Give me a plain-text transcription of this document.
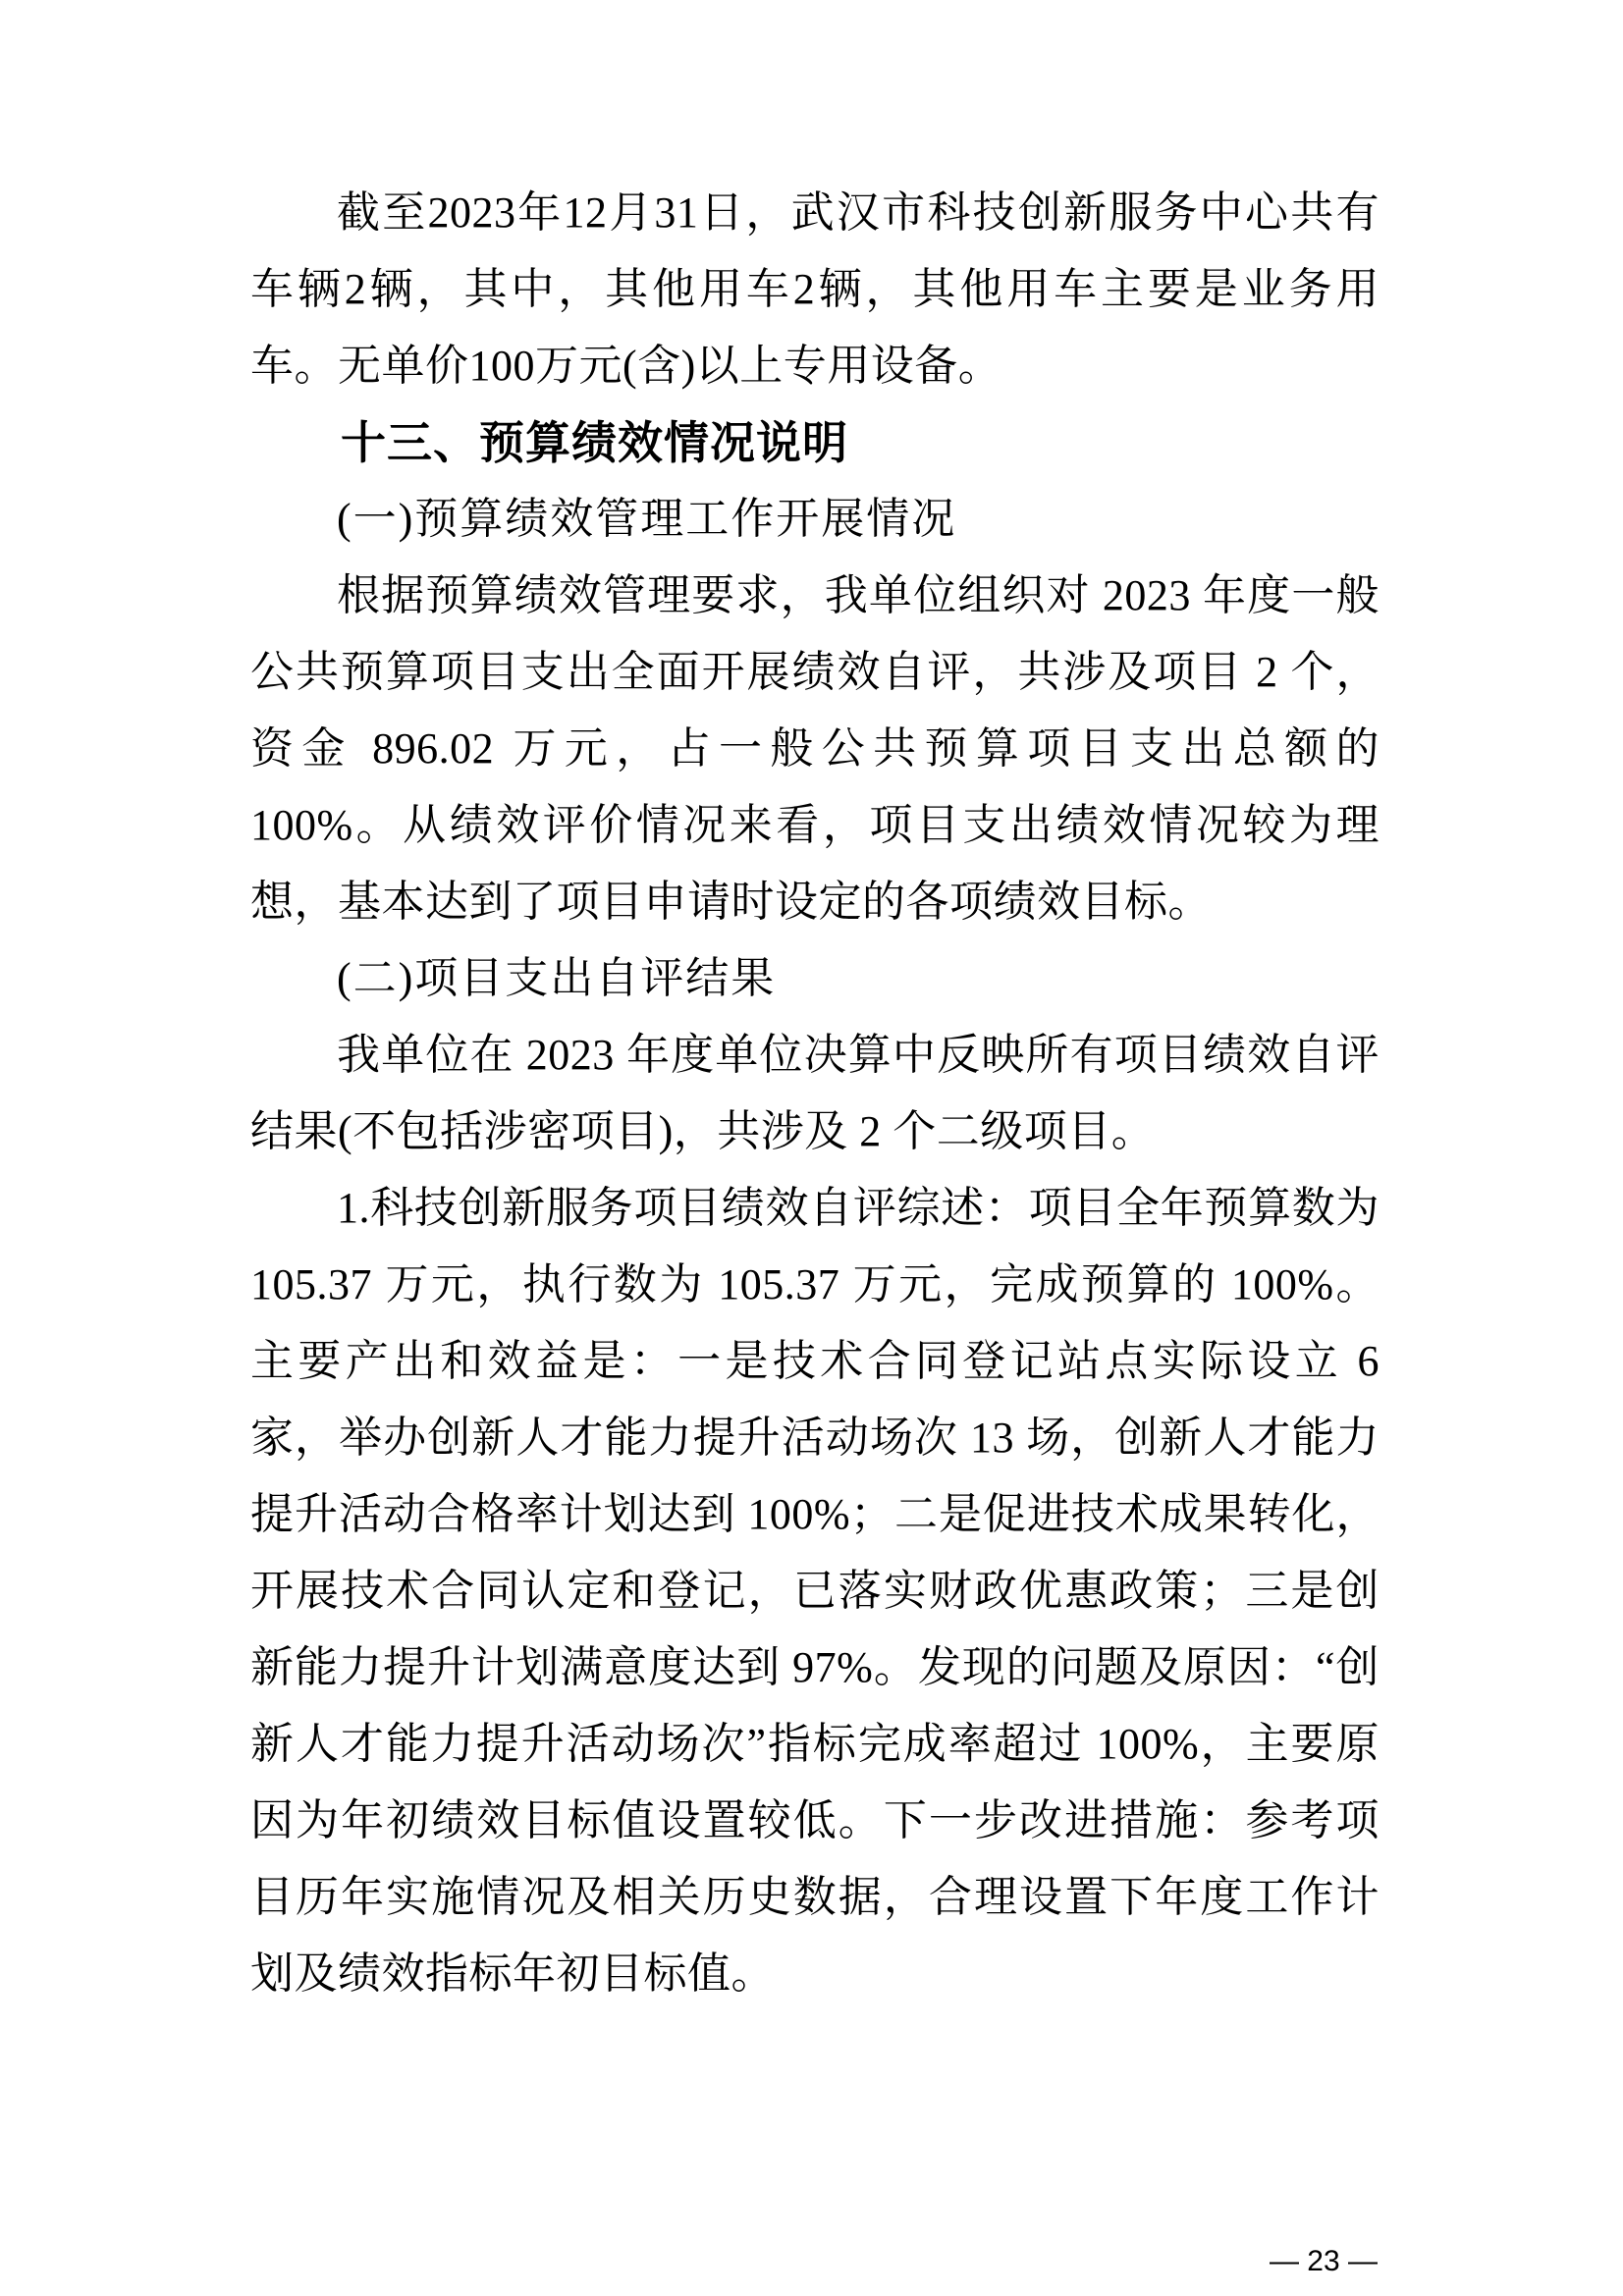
截至2023年12月31日，武汉市科技创新服务中心共有车辆2辆，其中，其他用车2辆，其他用车主要是业务用车。无单价100万元(含)以上专用设备。

十三、预算绩效情况说明

(一)预算绩效管理工作开展情况

根据预算绩效管理要求，我单位组织对 2023 年度一般公共预算项目支出全面开展绩效自评，共涉及项目 2 个，资金 896.02 万元，占一般公共预算项目支出总额的 100%。从绩效评价情况来看，项目支出绩效情况较为理想，基本达到了项目申请时设定的各项绩效目标。

(二)项目支出自评结果

我单位在 2023 年度单位决算中反映所有项目绩效自评结果(不包括涉密项目)，共涉及 2 个二级项目。

1.科技创新服务项目绩效自评综述：项目全年预算数为 105.37 万元，执行数为 105.37 万元，完成预算的 100%。主要产出和效益是：一是技术合同登记站点实际设立 6 家，举办创新人才能力提升活动场次 13 场，创新人才能力提升活动合格率计划达到 100%；二是促进技术成果转化，开展技术合同认定和登记，已落实财政优惠政策；三是创新能力提升计划满意度达到 97%。发现的问题及原因：“创新人才能力提升活动场次”指标完成率超过 100%，主要原因为年初绩效目标值设置较低。下一步改进措施：参考项目历年实施情况及相关历史数据，合理设置下年度工作计划及绩效指标年初目标值。

— 23 —
